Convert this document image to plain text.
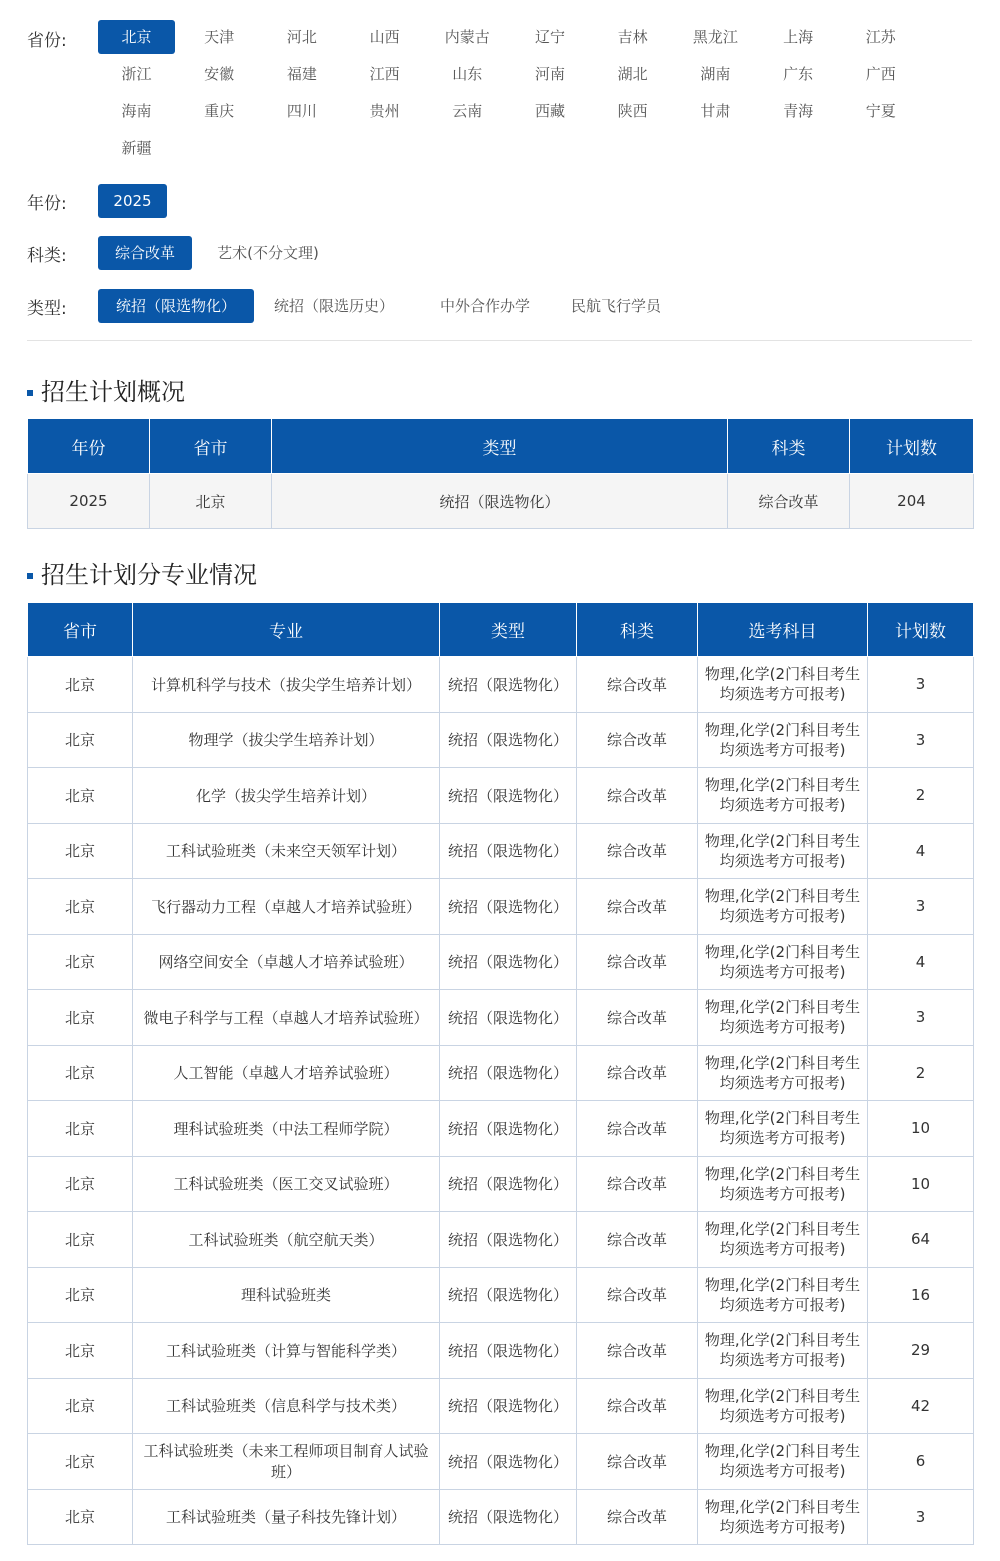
省份:	北京	天津	河北	山西	内蒙古	辽宁	吉林	黑龙江	上海	江苏
浙江	安徽	福建	江西	山东	河南	湖北	湖南	广东	广西
海南	重庆	四川	贵州	云南	西藏	陕西	甘肃	青海	宁夏
新疆
年份:	2025
科类:	综合改革	艺术(不分文理)
类型:	统招（限选物化）	统招（限选历史）	中外合作办学	民航飞行学员
招生计划概况
年份	省市	类型	科类	计划数
2025	北京	统招（限选物化）	综合改革	204
招生计划分专业情况
省市	专业	类型	科类	选考科目	计划数
北京	计算机科学与技术（拔尖学生培养计划）	统招（限选物化）	综合改革	物理,化学(2门科目考生均须选考方可报考)	3
北京	物理学（拔尖学生培养计划）	统招（限选物化）	综合改革	物理,化学(2门科目考生均须选考方可报考)	3
北京	化学（拔尖学生培养计划）	统招（限选物化）	综合改革	物理,化学(2门科目考生均须选考方可报考)	2
北京	工科试验班类（未来空天领军计划）	统招（限选物化）	综合改革	物理,化学(2门科目考生均须选考方可报考)	4
北京	飞行器动力工程（卓越人才培养试验班）	统招（限选物化）	综合改革	物理,化学(2门科目考生均须选考方可报考)	3
北京	网络空间安全（卓越人才培养试验班）	统招（限选物化）	综合改革	物理,化学(2门科目考生均须选考方可报考)	4
北京	微电子科学与工程（卓越人才培养试验班）	统招（限选物化）	综合改革	物理,化学(2门科目考生均须选考方可报考)	3
北京	人工智能（卓越人才培养试验班）	统招（限选物化）	综合改革	物理,化学(2门科目考生均须选考方可报考)	2
北京	理科试验班类（中法工程师学院）	统招（限选物化）	综合改革	物理,化学(2门科目考生均须选考方可报考)	10
北京	工科试验班类（医工交叉试验班）	统招（限选物化）	综合改革	物理,化学(2门科目考生均须选考方可报考)	10
北京	工科试验班类（航空航天类）	统招（限选物化）	综合改革	物理,化学(2门科目考生均须选考方可报考)	64
北京	理科试验班类	统招（限选物化）	综合改革	物理,化学(2门科目考生均须选考方可报考)	16
北京	工科试验班类（计算与智能科学类）	统招（限选物化）	综合改革	物理,化学(2门科目考生均须选考方可报考)	29
北京	工科试验班类（信息科学与技术类）	统招（限选物化）	综合改革	物理,化学(2门科目考生均须选考方可报考)	42
北京	工科试验班类（未来工程师项目制育人试验班）	统招（限选物化）	综合改革	物理,化学(2门科目考生均须选考方可报考)	6
北京	工科试验班类（量子科技先锋计划）	统招（限选物化）	综合改革	物理,化学(2门科目考生均须选考方可报考)	3
